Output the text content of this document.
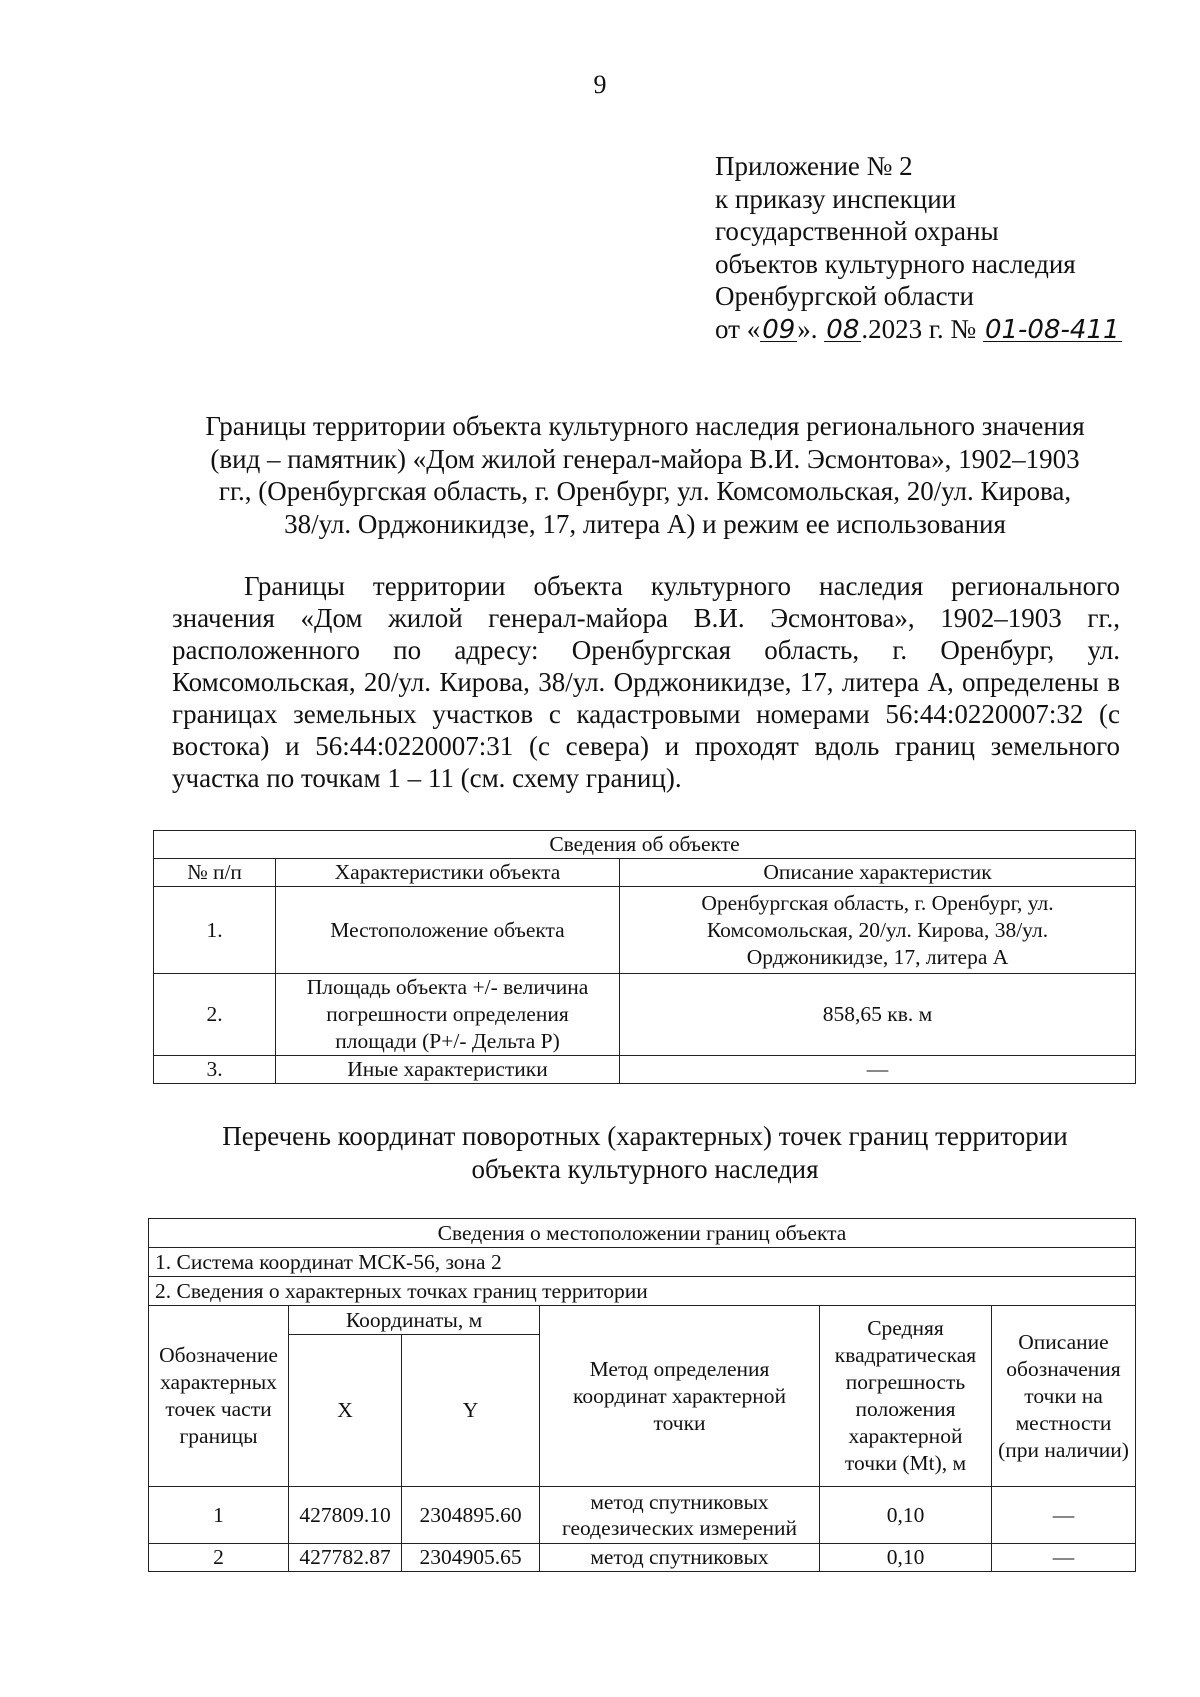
9
Приложение № 2
к приказу инспекции
государственной охраны
объектов культурного наследия
Оренбургской области
от «09». 08.2023 г. № 01-08-411
Границы территории объекта культурного наследия регионального значения
(вид – памятник) «Дом жилой генерал-майора В.И. Эсмонтова», 1902–1903
гг., (Оренбургская область, г. Оренбург, ул. Комсомольская, 20/ул. Кирова,
38/ул. Орджоникидзе, 17, литера А) и режим ее использования

Границы территории объекта культурного наследия регионального значения «Дом жилой генерал-майора В.И. Эсмонтова», 1902–1903 гг., расположенного по адресу: Оренбургская область, г. Оренбург, ул. Комсомольская, 20/ул. Кирова, 38/ул. Орджоникидзе, 17, литера А, определены в границах земельных участков с кадастровыми номерами 56:44:0220007:32 (с востока) и 56:44:0220007:31 (с севера) и проходят вдоль границ земельного участка по точкам 1 – 11 (см. схему границ).

Сведения об объекте		
№ п/п	Характеристики объекта	Описание характеристик
1.	Местоположение объекта	Оренбургская область, г. Оренбург, ул. Комсомольская, 20/ул. Кирова, 38/ул. Орджоникидзе, 17, литера А
2.	Площадь объекта +/- величина погрешности определения площади (P+/- Дельта P)	858,65 кв. м
3.	Иные характеристики	—
Перечень координат поворотных (характерных) точек границ территории
объекта культурного наследия
Сведения о местоположении границ объекта					
1. Система координат МСК-56, зона 2					
2. Сведения о характерных точках границ территории					
Обозначение характерных точек части границы	Координаты, м		Метод определения координат характерной точки	Средняя квадратическая погрешность положения характерной точки (Mt), м	Описание обозначения точки на местности (при наличии)
	X	Y			
1	427809.10	2304895.60	метод спутниковых геодезических измерений	0,10	—
2	427782.87	2304905.65	метод спутниковых	0,10	—
